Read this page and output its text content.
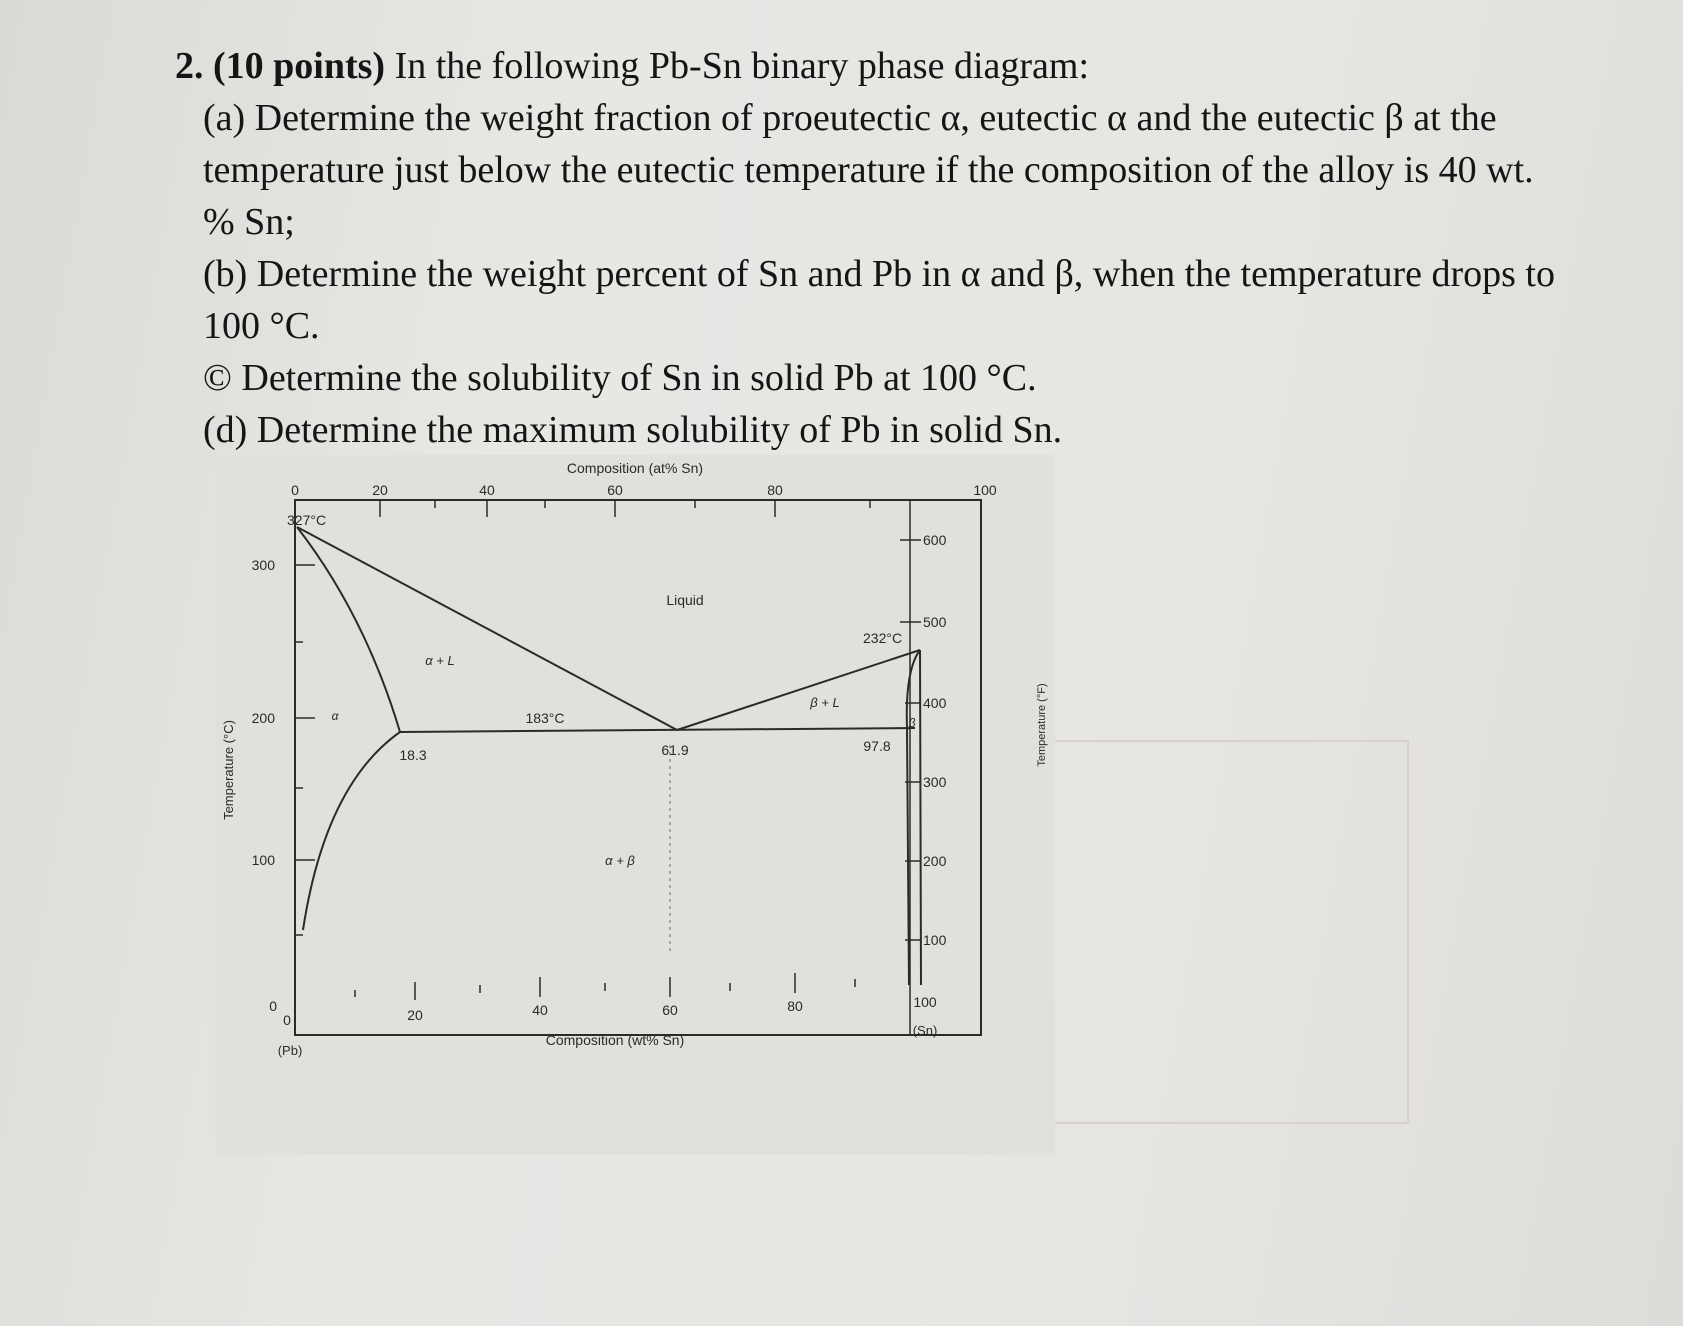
2. (10 points) In the following Pb-Sn binary phase diagram:
(a) Determine the weight fraction of proeutectic α, eutectic α and the eutectic β at the
temperature just below the eutectic temperature if the composition of the alloy is 40 wt.
% Sn;
(b) Determine the weight percent of Sn and Pb in α and β, when the temperature drops to
100 °C.
© Determine the solubility of Sn in solid Pb at 100 °C.
(d) Determine the maximum solubility of Pb in solid Sn.
Composition (at% Sn)
0	20	40	60	80	100
Temperature (°C)
300
200
100
0
Temperature (°F)
600
500
400
300
200
100
0	20	40	60	80	100
Composition (wt% Sn)
(Pb)
(Sn)
327°C
232°C
Liquid
α + L
β + L
α + β
α	β
183°C
18.3	61.9	97.8
